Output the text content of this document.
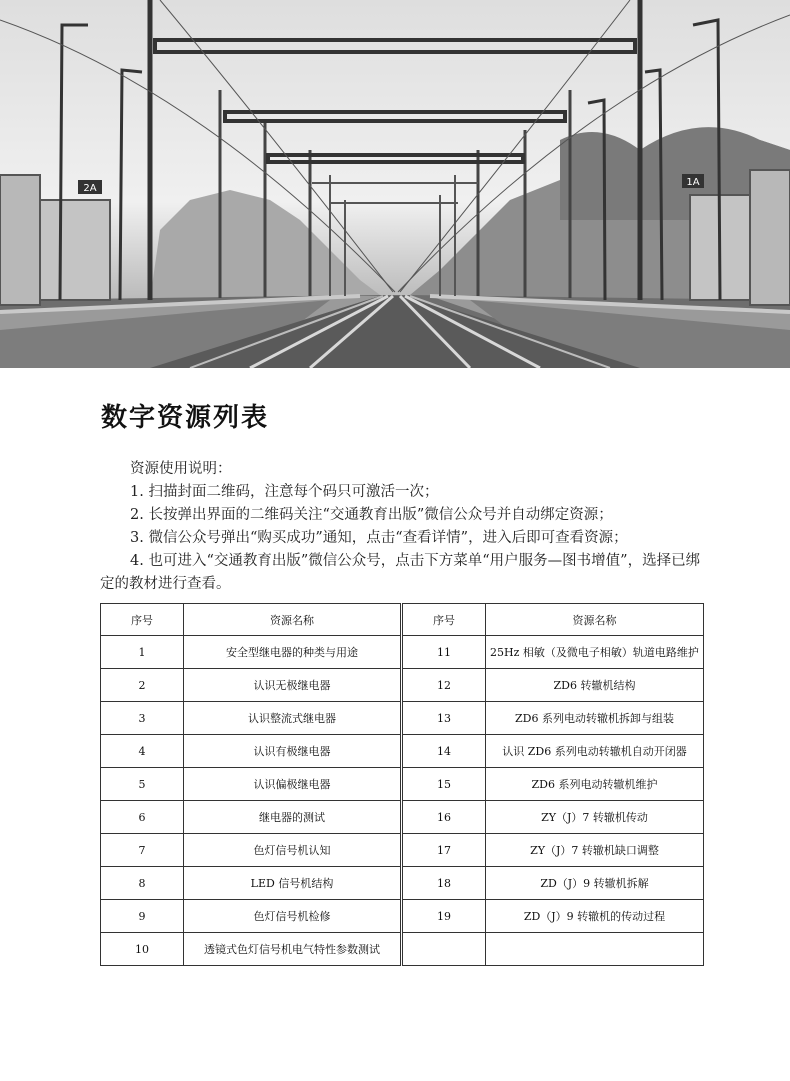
2A
1A
数字资源列表

资源使用说明：

1. 扫描封面二维码，注意每个码只可激活一次；

2. 长按弹出界面的二维码关注“交通教育出版”微信公众号并自动绑定资源；

3. 微信公众号弹出“购买成功”通知，点击“查看详情”，进入后即可查看资源；

4. 也可进入“交通教育出版”微信公众号，点击下方菜单“用户服务—图书增值”，选择已绑定的教材进行查看。

序号	资源名称	序号	资源名称
1	安全型继电器的种类与用途	11	25Hz 相敏（及微电子相敏）轨道电路维护
2	认识无极继电器	12	ZD6 转辙机结构
3	认识整流式继电器	13	ZD6 系列电动转辙机拆卸与组装
4	认识有极继电器	14	认识 ZD6 系列电动转辙机自动开闭器
5	认识偏极继电器	15	ZD6 系列电动转辙机维护
6	继电器的测试	16	ZY（J）7 转辙机传动
7	色灯信号机认知	17	ZY（J）7 转辙机缺口调整
8	LED 信号机结构	18	ZD（J）9 转辙机拆解
9	色灯信号机检修	19	ZD（J）9 转辙机的传动过程
10	透镜式色灯信号机电气特性参数测试		
